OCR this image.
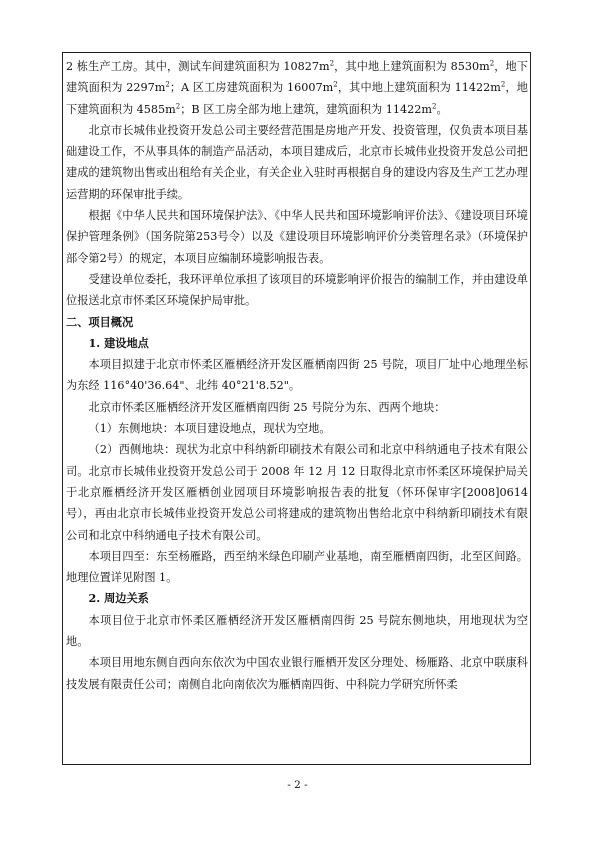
2 栋生产工房。其中，测试车间建筑面积为 $10827m^2$，其中地上建筑面积为 $8530m^2$，地下建筑面积为 $2297m^2$；A 区工房建筑面积为 $16007m^2$，其中地上建筑面积为 $11422m^2$，地下建筑面积为 $4585m^2$；B 区工房全部为地上建筑，建筑面积为 $11422m^2$。

北京市长城伟业投资开发总公司主要经营范围是房地产开发、投资管理，仅负责本项目基础建设工作，不从事具体的制造产品活动，本项目建成后，北京市长城伟业投资开发总公司把建成的建筑物出售或出租给有关企业，有关企业入驻时再根据自身的建设内容及生产工艺办理运营期的环保审批手续。

根据《中华人民共和国环境保护法》、《中华人民共和国环境影响评价法》、《建设项目环境保护管理条例》（国务院第253号令）以及《建设项目环境影响评价分类管理名录》（环境保护部令第2号）的规定，本项目应编制环境影响报告表。

受建设单位委托，我环评单位承担了该项目的环境影响评价报告的编制工作，并由建设单位报送北京市怀柔区环境保护局审批。

二、项目概况

1. 建设地点

本项目拟建于北京市怀柔区雁栖经济开发区雁栖南四街 25 号院，项目厂址中心地理坐标为东经 116°40'36.64"、北纬 40°21'8.52"。

北京市怀柔区雁栖经济开发区雁栖南四街 25 号院分为东、西两个地块：

（1）东侧地块：本项目建设地点，现状为空地。

（2）西侧地块：现状为北京中科纳新印刷技术有限公司和北京中科纳通电子技术有限公司。北京市长城伟业投资开发总公司于 2008 年 12 月 12 日取得北京市怀柔区环境保护局关于北京雁栖经济开发区雁栖创业园项目环境影响报告表的批复（怀环保审字[2008]0614 号），再由北京市长城伟业投资开发总公司将建成的建筑物出售给北京中科纳新印刷技术有限公司和北京中科纳通电子技术有限公司。

本项目四至：东至杨雁路，西至纳米绿色印刷产业基地，南至雁栖南四街，北至区间路。地理位置详见附图 1。

2. 周边关系

本项目位于北京市怀柔区雁栖经济开发区雁栖南四街 25 号院东侧地块，用地现状为空地。

本项目用地东侧自西向东依次为中国农业银行雁栖开发区分理处、杨雁路、北京中联康科技发展有限责任公司；南侧自北向南依次为雁栖南四街、中科院力学研究所怀柔

- 2 -
